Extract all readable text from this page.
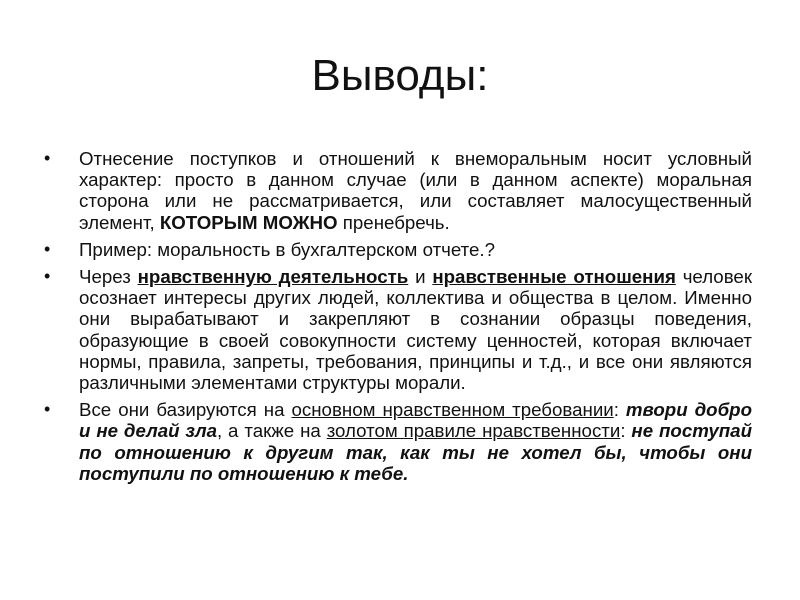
Выводы:
• Отнесение поступков и отношений к внеморальным носит условный характер: просто в данном случае (или в данном аспекте) моральная сторона или не рассматривается, или составляет малосущественный элемент, КОТОРЫМ МОЖНО пренебречь.
• Пример: моральность в бухгалтерском отчете.?
• Через нравственную деятельность и нравственные отношения человек осознает интересы других людей, коллектива и общества в целом. Именно они вырабатывают и закрепляют в сознании образцы поведения, образующие в своей совокупности систему ценностей, которая включает нормы, правила, запреты, требования, принципы и т.д., и все они являются различными элементами структуры морали.
• Все они базируются на основном нравственном требовании: твори добро и не делай зла, а также на золотом правиле нравственности: не поступай по отношению к другим так, как ты не хотел бы, чтобы они поступили по отношению к тебе.
